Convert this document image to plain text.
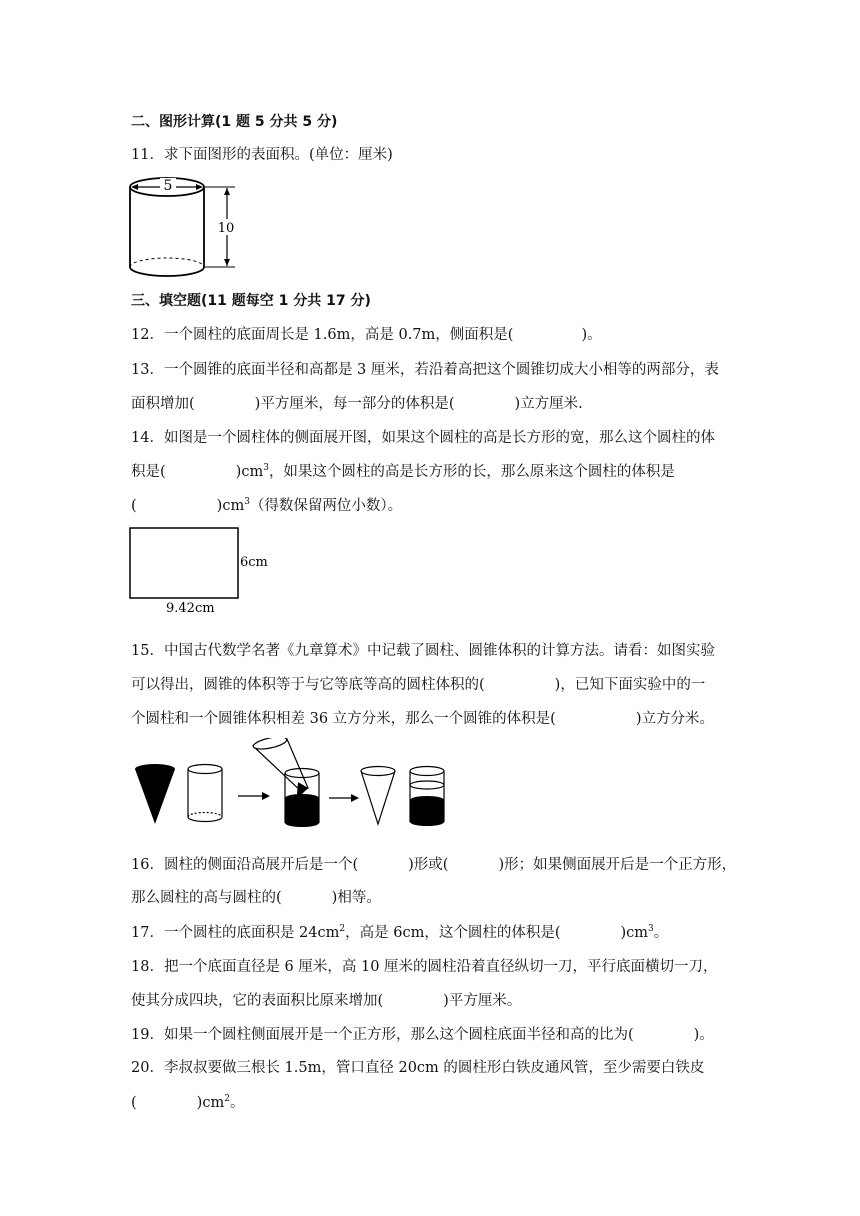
二、图形计算(1 题 5 分共 5 分)
11．求下面图形的表面积。(单位：厘米)
5
10
三、填空题(11 题每空 1 分共 17 分)
12．一个圆柱的底面周长是 1.6m，高是 0.7m，侧面积是(	)。
13．一个圆锥的底面半径和高都是 3 厘米，若沿着高把这个圆锥切成大小相等的两部分，表
面积增加(	)平方厘米，每一部分的体积是(	)立方厘米.
14．如图是一个圆柱体的侧面展开图，如果这个圆柱的高是长方形的宽，那么这个圆柱的体
积是(	)$cm^3$，如果这个圆柱的高是长方形的长，那么原来这个圆柱的体积是
(	)$cm^3$（得数保留两位小数）。
6cm
9.42cm
15．中国古代数学名著《九章算术》中记载了圆柱、圆锥体积的计算方法。请看：如图实验
可以得出，圆锥的体积等于与它等底等高的圆柱体积的(	)，已知下面实验中的一
个圆柱和一个圆锥体积相差 36 立方分米，那么一个圆锥的体积是(	)立方分米。
16．圆柱的侧面沿高展开后是一个(	)形或(	)形；如果侧面展开后是一个正方形，
那么圆柱的高与圆柱的(	)相等。
17．一个圆柱的底面积是 $24cm^2$，高是 6cm，这个圆柱的体积是(	)$cm^3$。
18．把一个底面直径是 6 厘米，高 10 厘米的圆柱沿着直径纵切一刀，平行底面横切一刀，
使其分成四块，它的表面积比原来增加(	)平方厘米。
19．如果一个圆柱侧面展开是一个正方形，那么这个圆柱底面半径和高的比为(	)。
20．李叔叔要做三根长 1.5m，管口直径 20cm 的圆柱形白铁皮通风管，至少需要白铁皮
(	)$cm^2$。
